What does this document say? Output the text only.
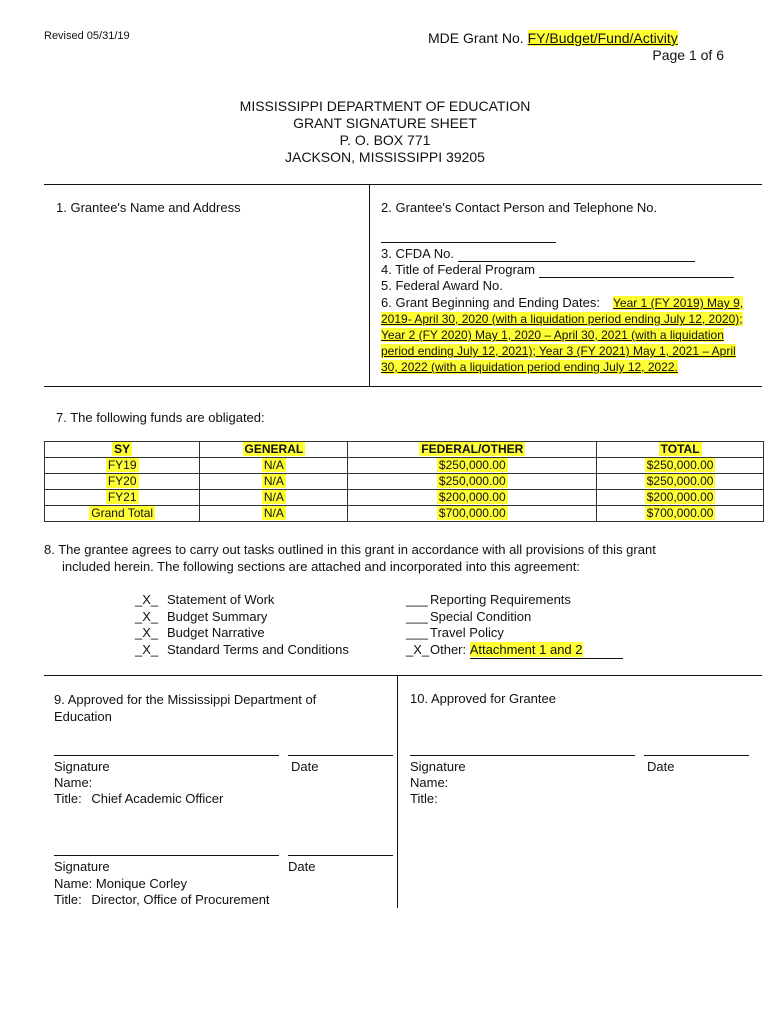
Revised 05/31/19	MDE Grant No. FY/Budget/Fund/Activity
Page 1 of 6
MISSISSIPPI DEPARTMENT OF EDUCATION
GRANT SIGNATURE SHEET
P. O. BOX 771
JACKSON, MISSISSIPPI 39205
1. Grantee's Name and Address	2. Grantee's Contact Person and Telephone No.
3. CFDA No.
4. Title of Federal Program
5. Federal Award No.
6. Grant Beginning and Ending Dates:	Year 1 (FY 2019) May 9,
2019- April 30, 2020 (with a liquidation period ending July 12, 2020);
Year 2 (FY 2020) May 1, 2020 – April 30, 2021 (with a liquidation
period ending July 12, 2021); Year 3 (FY 2021) May 1, 2021 – April
30, 2022 (with a liquidation period ending July 12, 2022.
7. The following funds are obligated:
SY	GENERAL	FEDERAL/OTHER	TOTAL
FY19	N/A	$250,000.00	$250,000.00
FY20	N/A	$250,000.00	$250,000.00
FY21	N/A	$200,000.00	$200,000.00
Grand Total	N/A	$700,000.00	$700,000.00
8. The grantee agrees to carry out tasks outlined in this grant in accordance with all provisions of this grant
included herein. The following sections are attached and incorporated into this agreement:
_X_ Statement of Work
_X_ Budget Summary
_X_ Budget Narrative
_X_ Standard Terms and Conditions
___ Reporting Requirements
___ Special Condition
___ Travel Policy
_X_Other: Attachment 1 and 2
9. Approved for the Mississippi Department of
Education
Signature	Date
Name:
Title: Chief Academic Officer
Signature	Date
Name: Monique Corley
Title: Director, Office of Procurement
10. Approved for Grantee
Signature	Date
Name:
Title:
